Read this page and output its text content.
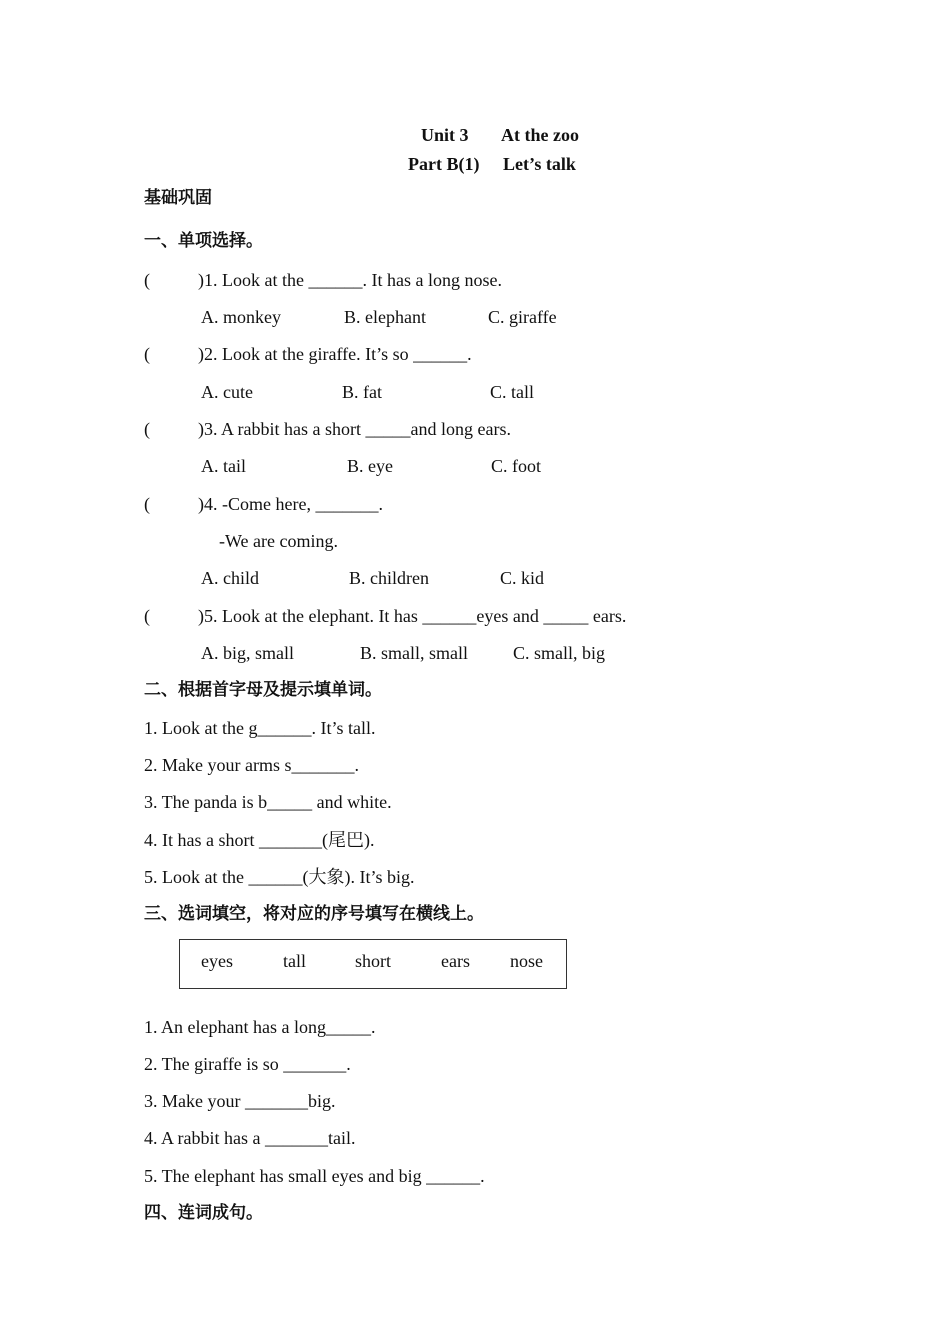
Unit 3 At the zoo
Part B(1) Let’s talk
基础巩固
一、单项选择。
(	)1. Look at the ______. It has a long nose.
A. monkey	B. elephant	C. giraffe
(	)2. Look at the giraffe. It’s so ______.
A. cute	B. fat	C. tall
(	)3. A rabbit has a short _____and long ears.
A. tail	B. eye	C. foot
(	)4. -Come here, _______.
-We are coming.
A. child	B. children	C. kid
(	)5. Look at the elephant. It has ______eyes and _____ ears.
A. big, small	B. small, small	C. small, big
二、根据首字母及提示填单词。
1. Look at the g______. It’s tall.
2. Make your arms s_______.
3. The panda is b_____ and white.
4. It has a short _______(尾巴).
5. Look at the ______(大象). It’s big.
三、选词填空，将对应的序号填写在横线上。
eyes	tall	short	ears nose
1. An elephant has a long_____.
2. The giraffe is so _______.
3. Make your _______big.
4. A rabbit has a _______tail.
5. The elephant has small eyes and big ______.
四、连词成句。
